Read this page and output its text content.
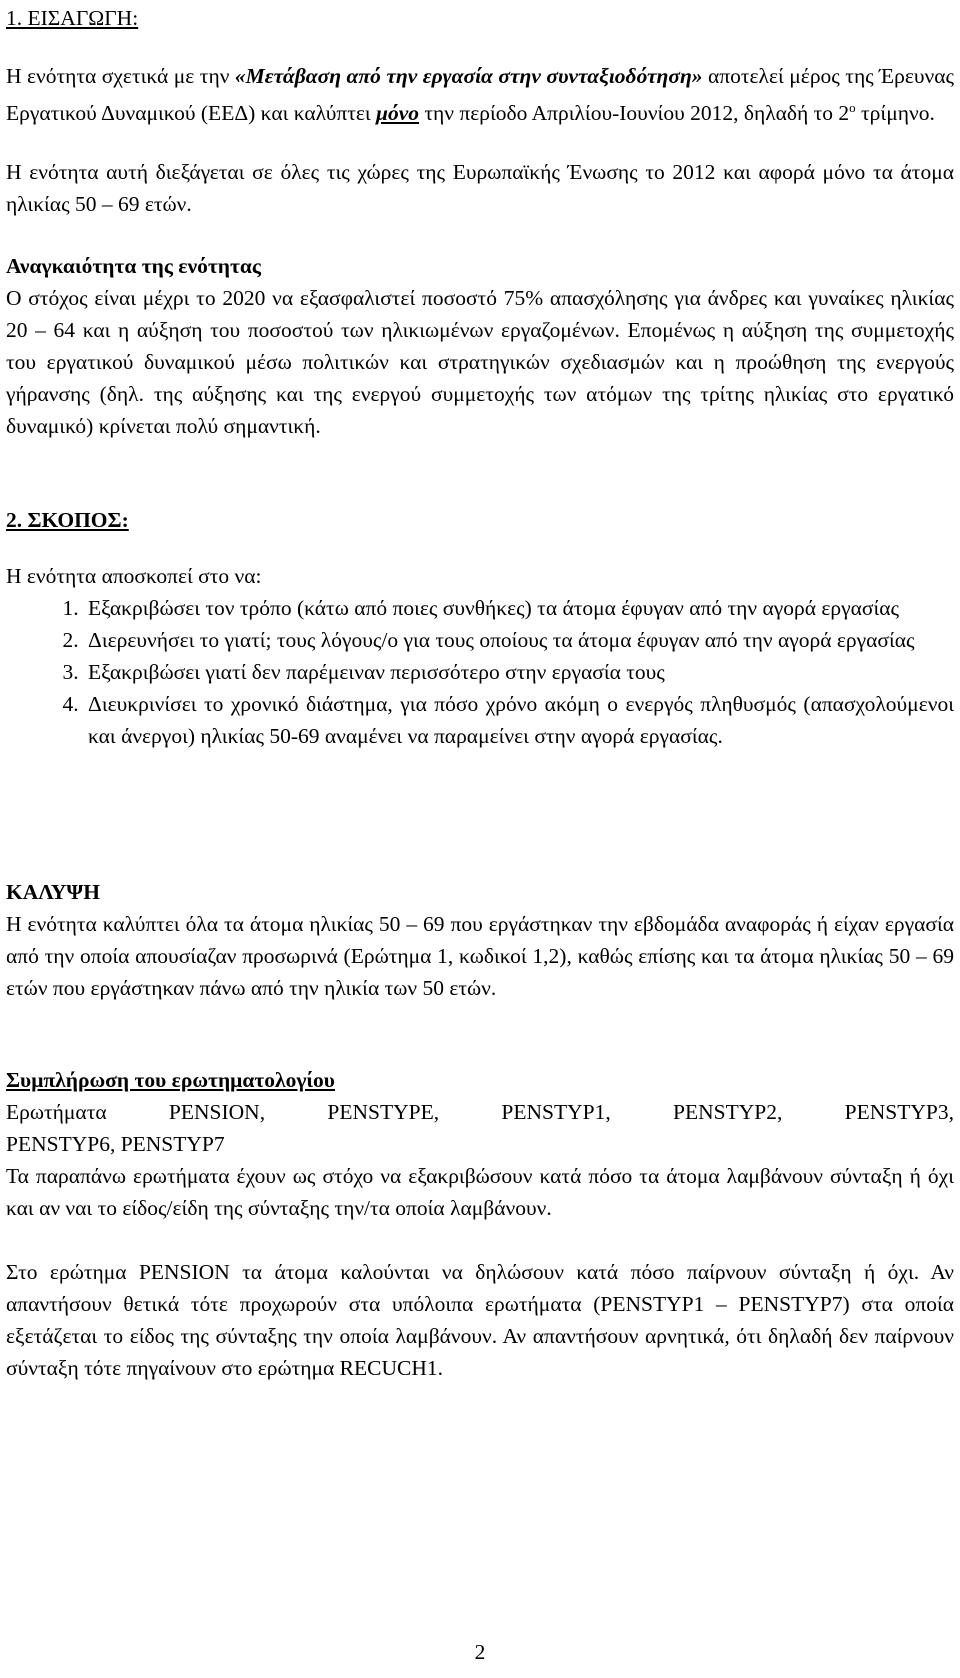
1. ΕΙΣΑΓΩΓΗ:

Η ενότητα σχετικά με την «Μετάβαση από την εργασία στην συνταξιοδότηση» αποτελεί μέρος της Έρευνας Εργατικού Δυναμικού (ΕΕΔ) και καλύπτει μόνο την περίοδο Απριλίου-Ιουνίου 2012, δηλαδή το $2^o$ τρίμηνο.

Η ενότητα αυτή διεξάγεται σε όλες τις χώρες της Ευρωπαϊκής Ένωσης το 2012 και αφορά μόνο τα άτομα ηλικίας 50 – 69 ετών.

Αναγκαιότητα της ενότητας

Ο στόχος είναι μέχρι το 2020 να εξασφαλιστεί ποσοστό 75% απασχόλησης για άνδρες και γυναίκες ηλικίας 20 – 64 και η αύξηση του ποσοστού των ηλικιωμένων εργαζομένων. Επομένως η αύξηση της συμμετοχής του εργατικού δυναμικού μέσω πολιτικών και στρατηγικών σχεδιασμών και η προώθηση της ενεργούς γήρανσης (δηλ. της αύξησης και της ενεργού συμμετοχής των ατόμων της τρίτης ηλικίας στο εργατικό δυναμικό) κρίνεται πολύ σημαντική.

2. ΣΚΟΠΟΣ:
Η ενότητα αποσκοπεί στο να:
1. Εξακριβώσει τον τρόπο (κάτω από ποιες συνθήκες) τα άτομα έφυγαν από την αγορά εργασίας
2. Διερευνήσει το γιατί; τους λόγους/ο για τους οποίους τα άτομα έφυγαν από την αγορά εργασίας
3. Εξακριβώσει γιατί δεν παρέμειναν περισσότερο στην εργασία τους
4. Διευκρινίσει το χρονικό διάστημα, για πόσο χρόνο ακόμη ο ενεργός πληθυσμός (απασχολούμενοι και άνεργοι) ηλικίας 50-69 αναμένει να παραμείνει στην αγορά εργασίας.
ΚΑΛΥΨΗ

Η ενότητα καλύπτει όλα τα άτομα ηλικίας 50 – 69 που εργάστηκαν την εβδομάδα αναφοράς ή είχαν εργασία από την οποία απουσίαζαν προσωρινά (Ερώτημα 1, κωδικοί 1,2), καθώς επίσης και τα άτομα ηλικίας 50 – 69 ετών που εργάστηκαν πάνω από την ηλικία των 50 ετών.

Συμπλήρωση του ερωτηματολογίου
Ερωτήματα PENSION, PENSTYPE, PENSTYP1, PENSTYP2, PENSTYP3,
PENSTYP6, PENSTYP7

Τα παραπάνω ερωτήματα έχουν ως στόχο να εξακριβώσουν κατά πόσο τα άτομα λαμβάνουν σύνταξη ή όχι και αν ναι το είδος/είδη της σύνταξης την/τα οποία λαμβάνουν.

Στο ερώτημα PENSION τα άτομα καλούνται να δηλώσουν κατά πόσο παίρνουν σύνταξη ή όχι. Αν απαντήσουν θετικά τότε προχωρούν στα υπόλοιπα ερωτήματα (PENSTYP1 – PENSTYP7) στα οποία εξετάζεται το είδος της σύνταξης την οποία λαμβάνουν. Αν απαντήσουν αρνητικά, ότι δηλαδή δεν παίρνουν σύνταξη τότε πηγαίνουν στο ερώτημα RECUCH1.

2
